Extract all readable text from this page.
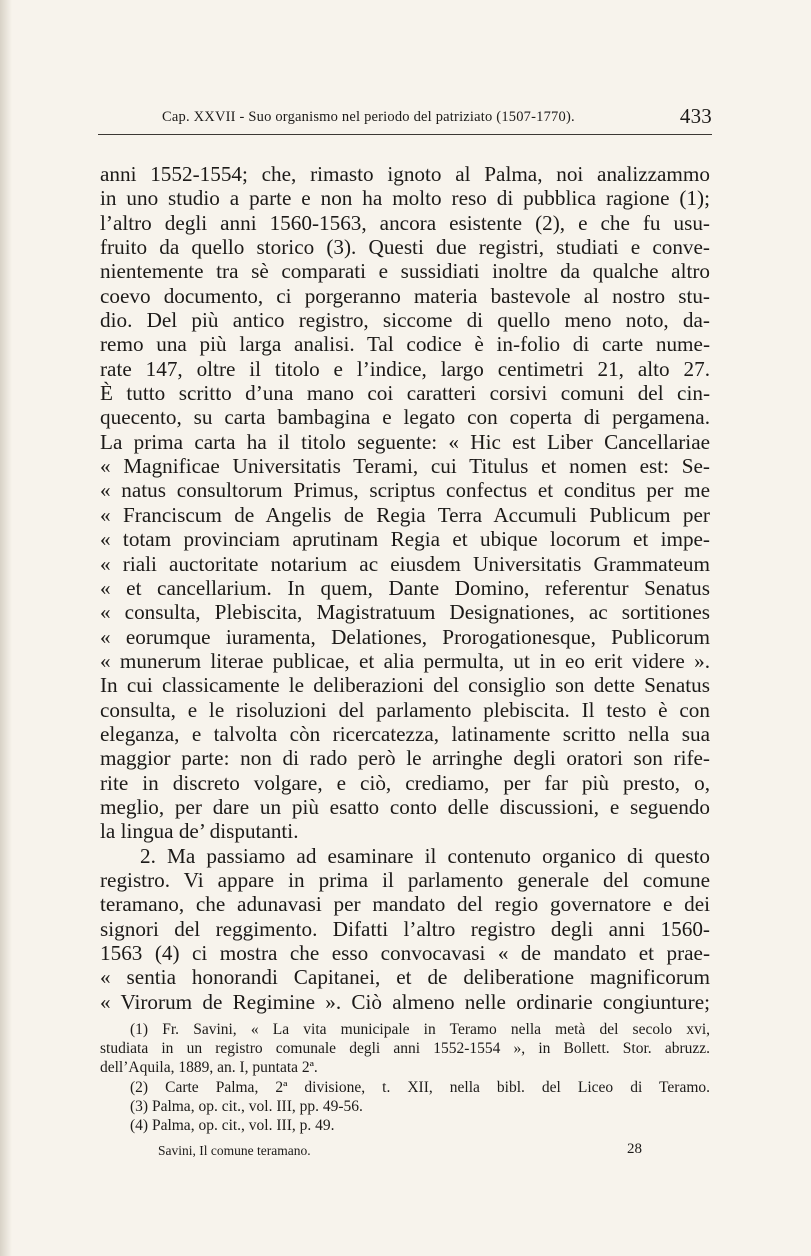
Cap. XXVII - Suo organismo nel periodo del patriziato (1507-1770).	433
anni 1552-1554; che, rimasto ignoto al Palma, noi analizzammo
in uno studio a parte e non ha molto reso di pubblica ragione (1);
l’altro degli anni 1560-1563, ancora esistente (2), e che fu usu-
fruito da quello storico (3). Questi due registri, studiati e conve-
nientemente tra sè comparati e sussidiati inoltre da qualche altro
coevo documento, ci porgeranno materia bastevole al nostro stu-
dio. Del più antico registro, siccome di quello meno noto, da-
remo una più larga analisi. Tal codice è in-folio di carte nume-
rate 147, oltre il titolo e l’indice, largo centimetri 21, alto 27.
È tutto scritto d’una mano coi caratteri corsivi comuni del cin-
quecento, su carta bambagina e legato con coperta di pergamena.
La prima carta ha il titolo seguente: « Hic est Liber Cancellariae
« Magnificae Universitatis Terami, cui Titulus et nomen est: Se-
« natus consultorum Primus, scriptus confectus et conditus per me
« Franciscum de Angelis de Regia Terra Accumuli Publicum per
« totam provinciam aprutinam Regia et ubique locorum et impe-
« riali auctoritate notarium ac eiusdem Universitatis Grammateum
« et cancellarium. In quem, Dante Domino, referentur Senatus
« consulta, Plebiscita, Magistratuum Designationes, ac sortitiones
« eorumque iuramenta, Delationes, Prorogationesque, Publicorum
« munerum literae publicae, et alia permulta, ut in eo erit videre ».
In cui classicamente le deliberazioni del consiglio son dette Senatus
consulta, e le risoluzioni del parlamento plebiscita. Il testo è con
eleganza, e talvolta còn ricercatezza, latinamente scritto nella sua
maggior parte: non di rado però le arringhe degli oratori son rife-
rite in discreto volgare, e ciò, crediamo, per far più presto, o,
meglio, per dare un più esatto conto delle discussioni, e seguendo
la lingua de’ disputanti.
2. Ma passiamo ad esaminare il contenuto organico di questo
registro. Vi appare in prima il parlamento generale del comune
teramano, che adunavasi per mandato del regio governatore e dei
signori del reggimento. Difatti l’altro registro degli anni 1560-
1563 (4) ci mostra che esso convocavasi « de mandato et prae-
« sentia honorandi Capitanei, et de deliberatione magnificorum
« Virorum de Regimine ». Ciò almeno nelle ordinarie congiunture;
(1) Fr. Savini, « La vita municipale in Teramo nella metà del secolo xvi,
studiata in un registro comunale degli anni 1552-1554 », in Bollett. Stor. abruzz.
dell’Aquila, 1889, an. I, puntata 2ª.
(2) Carte Palma, 2ª divisione, t. XII, nella bibl. del Liceo di Teramo.
(3) Palma, op. cit., vol. III, pp. 49-56.
(4) Palma, op. cit., vol. III, p. 49.
Savini, Il comune teramano.	28
